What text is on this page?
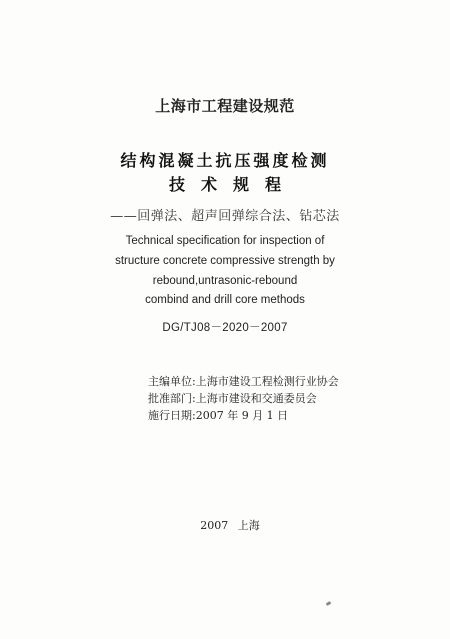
上海市工程建设规范
结构混凝土抗压强度检测
技术规程
——回弹法、超声回弹综合法、钻芯法
Technical specification for inspection of
structure concrete compressive strength by
rebound,untrasonic-rebound
combind and drill core methods
DG/TJ08－2020－2007
主编单位:上海市建设工程检测行业协会
批准部门:上海市建设和交通委员会
施行日期:2007 年 9 月 1 日
2007 上海
